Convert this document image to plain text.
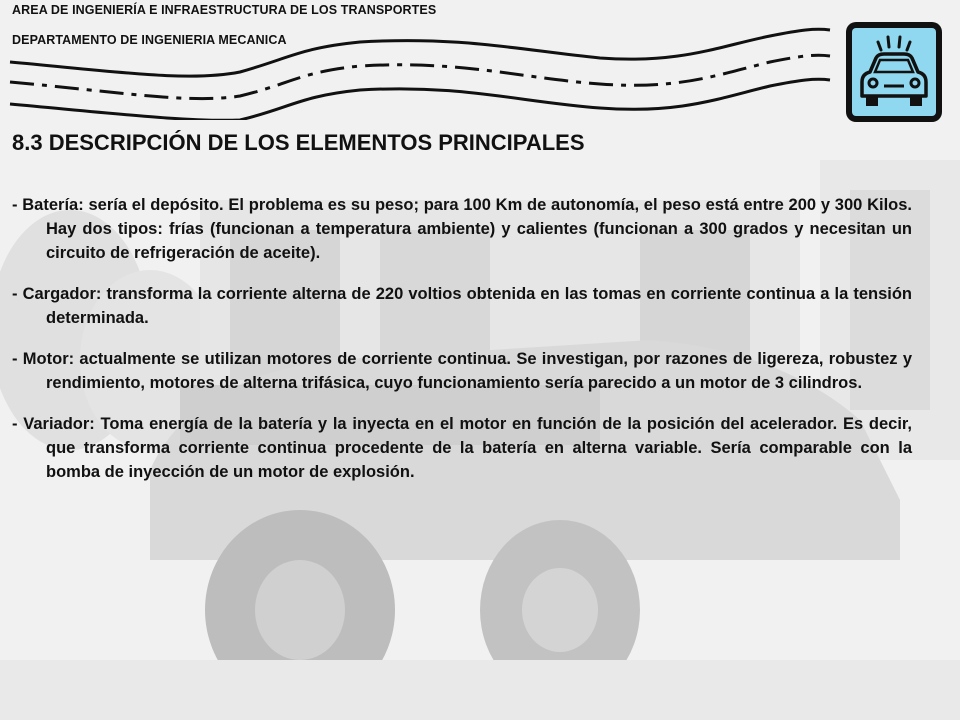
AREA DE INGENIERÍA E INFRAESTRUCTURA DE LOS TRANSPORTES
DEPARTAMENTO DE INGENIERIA MECANICA
8.3 DESCRIPCIÓN DE LOS ELEMENTOS PRINCIPALES

- Batería: sería el depósito. El problema es su peso; para 100 Km de autonomía, el peso está entre 200 y 300 Kilos. Hay dos tipos: frías (funcionan a temperatura ambiente) y calientes (funcionan a 300 grados y necesitan un circuito de refrigeración de aceite).

- Cargador: transforma la corriente alterna de 220 voltios obtenida en las tomas en corriente continua a la tensión determinada.

- Motor: actualmente se utilizan motores de corriente continua. Se investigan, por razones de ligereza, robustez y rendimiento, motores de alterna trifásica, cuyo funcionamiento sería parecido a un motor de 3 cilindros.

- Variador: Toma energía de la batería y la inyecta en el motor en función de la posición del acelerador. Es decir, que transforma corriente continua procedente de la batería en alterna variable. Sería comparable con la bomba de inyección de un motor de explosión.
